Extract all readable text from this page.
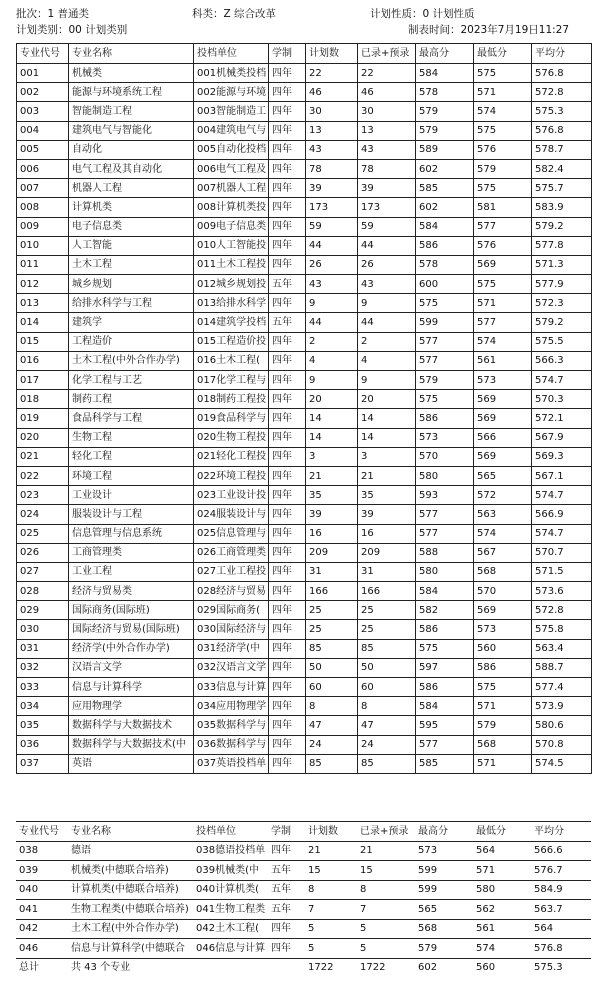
批次：1 普通类	科类：Z 综合改革	计划性质：0 计划性质
计划类别：00 计划类别	制表时间：2023年7月19日11:27
专业代号	专业名称	投档单位	学制	计划数	已录+预录	最高分	最低分	平均分
001	机械类	001机械类投档	四年	22	22	584	575	576.8
002	能源与环境系统工程	002能源与环境	四年	46	46	578	571	572.8
003	智能制造工程	003智能制造工	四年	30	30	579	574	575.3
004	建筑电气与智能化	004建筑电气与	四年	13	13	579	575	576.8
005	自动化	005自动化投档	四年	43	43	589	576	578.7
006	电气工程及其自动化	006电气工程及	四年	78	78	602	579	582.4
007	机器人工程	007机器人工程	四年	39	39	585	575	575.7
008	计算机类	008计算机类投	四年	173	173	602	581	583.9
009	电子信息类	009电子信息类	四年	59	59	584	577	579.2
010	人工智能	010人工智能投	四年	44	44	586	576	577.8
011	土木工程	011土木工程投	四年	26	26	578	569	571.3
012	城乡规划	012城乡规划投	五年	43	43	600	575	577.9
013	给排水科学与工程	013给排水科学	四年	9	9	575	571	572.3
014	建筑学	014建筑学投档	五年	44	44	599	577	579.2
015	工程造价	015工程造价投	四年	2	2	577	574	575.5
016	土木工程(中外合作办学)	016土木工程(	四年	4	4	577	561	566.3
017	化学工程与工艺	017化学工程与	四年	9	9	579	573	574.7
018	制药工程	018制药工程投	四年	20	20	575	569	570.3
019	食品科学与工程	019食品科学与	四年	14	14	586	569	572.1
020	生物工程	020生物工程投	四年	14	14	573	566	567.9
021	轻化工程	021轻化工程投	四年	3	3	570	569	569.3
022	环境工程	022环境工程投	四年	21	21	580	565	567.1
023	工业设计	023工业设计投	四年	35	35	593	572	574.7
024	服装设计与工程	024服装设计与	四年	39	39	577	563	566.9
025	信息管理与信息系统	025信息管理与	四年	16	16	577	574	574.7
026	工商管理类	026工商管理类	四年	209	209	588	567	570.7
027	工业工程	027工业工程投	四年	31	31	580	568	571.5
028	经济与贸易类	028经济与贸易	四年	166	166	584	570	573.6
029	国际商务(国际班)	029国际商务(	四年	25	25	582	569	572.8
030	国际经济与贸易(国际班)	030国际经济与	四年	25	25	586	573	575.8
031	经济学(中外合作办学)	031经济学(中	四年	85	85	575	560	563.4
032	汉语言文学	032汉语言文学	四年	50	50	597	586	588.7
033	信息与计算科学	033信息与计算	四年	60	60	586	575	577.4
034	应用物理学	034应用物理学	四年	8	8	584	571	573.9
035	数据科学与大数据技术	035数据科学与	四年	47	47	595	579	580.6
036	数据科学与大数据技术(中	036数据科学与	四年	24	24	577	568	570.8
037	英语	037英语投档单	四年	85	85	585	571	574.5
专业代号	专业名称	投档单位	学制	计划数	已录+预录	最高分	最低分	平均分
038	德语	038德语投档单	四年	21	21	573	564	566.6
039	机械类(中德联合培养)	039机械类(中	五年	15	15	599	571	576.7
040	计算机类(中德联合培养)	040计算机类(	五年	8	8	599	580	584.9
041	生物工程类(中德联合培养)	041生物工程类	五年	7	7	565	562	563.7
042	土木工程(中外合作办学)	042土木工程(	四年	5	5	568	561	564
046	信息与计算科学(中德联合	046信息与计算	四年	5	5	579	574	576.8
总计	共 43 个专业			1722	1722	602	560	575.3
